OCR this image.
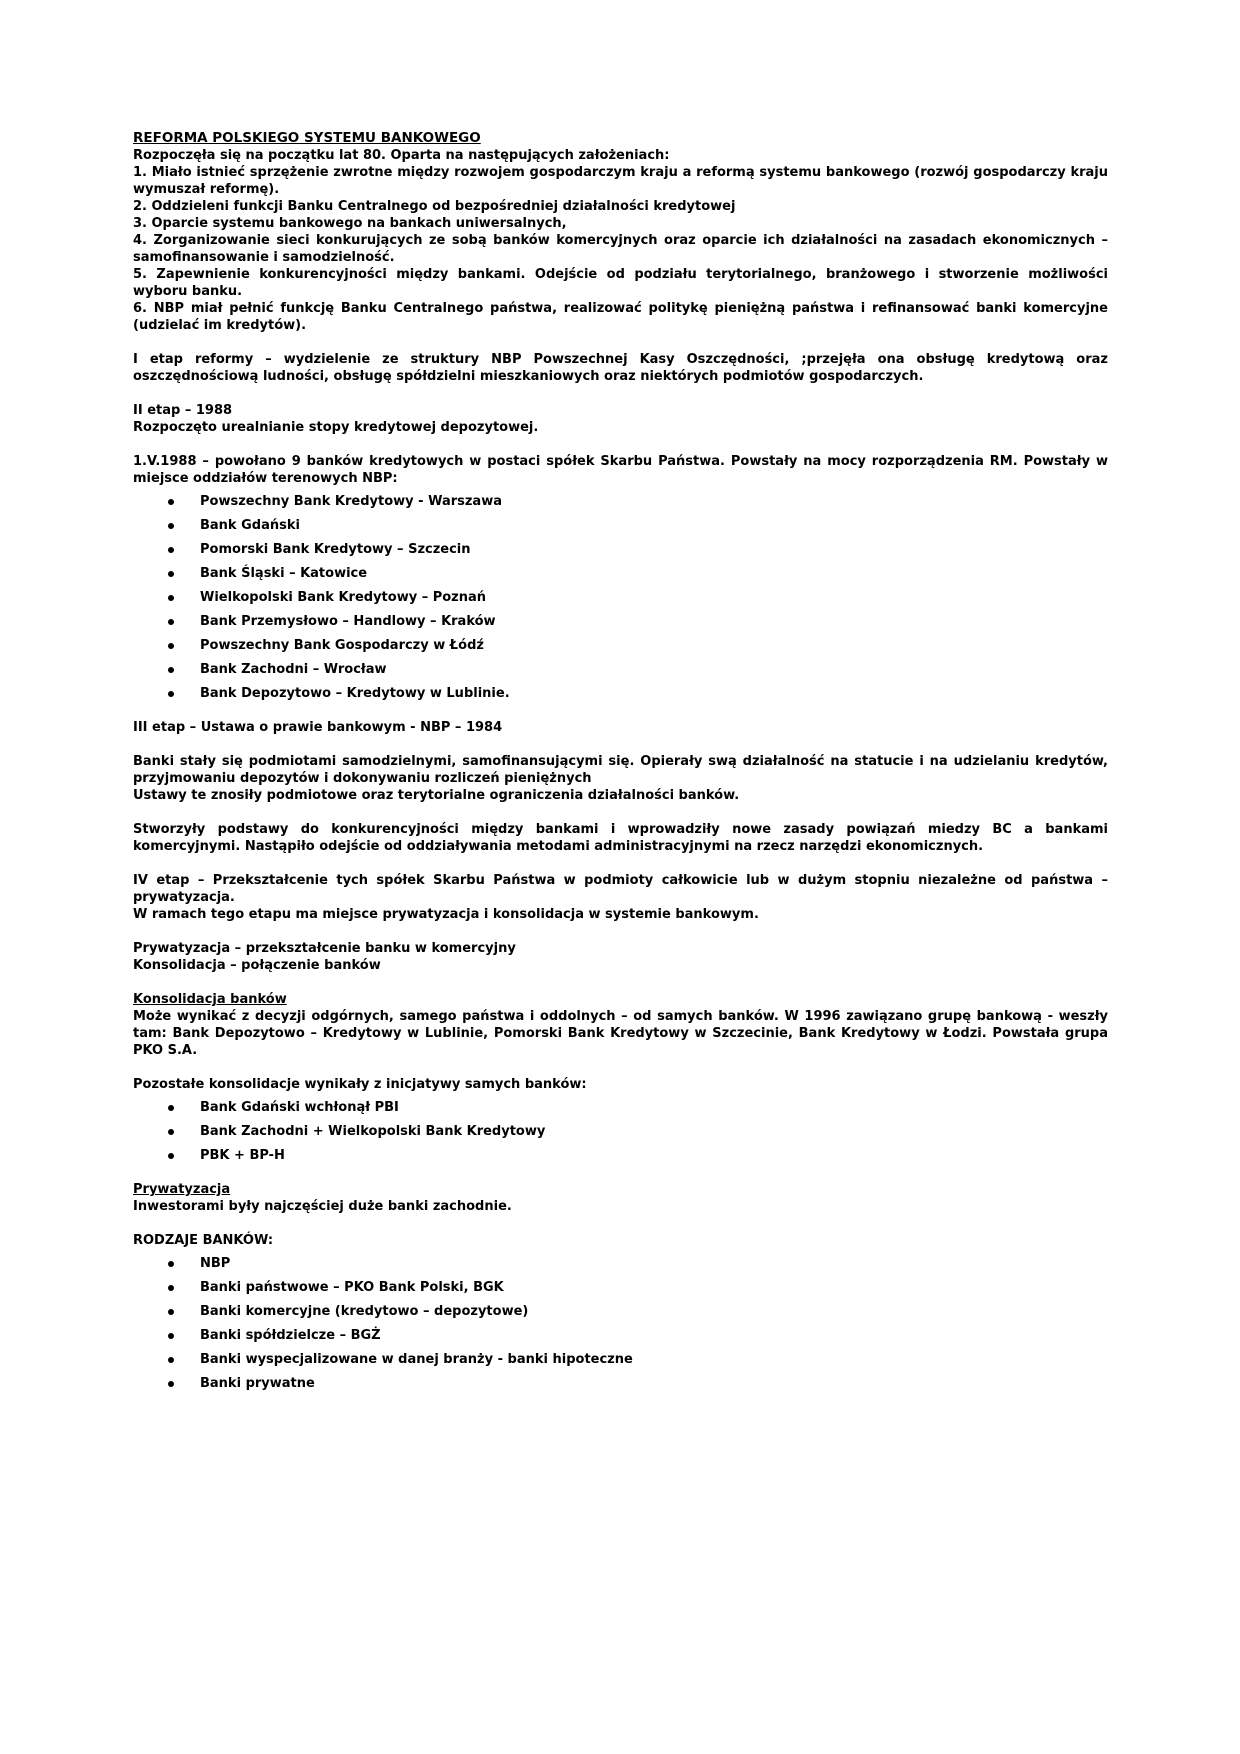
REFORMA POLSKIEGO SYSTEMU BANKOWEGO

Rozpoczęła się na początku lat 80. Oparta na następujących założeniach:

1. Miało istnieć sprzężenie zwrotne między rozwojem gospodarczym kraju a reformą systemu bankowego (rozwój gospodarczy kraju wymuszał reformę).

2. Oddzieleni funkcji Banku Centralnego od bezpośredniej działalności kredytowej

3. Oparcie systemu bankowego na bankach uniwersalnych,

4. Zorganizowanie sieci konkurujących ze sobą banków komercyjnych oraz oparcie ich działalności na zasadach ekonomicznych – samofinansowanie i samodzielność.

5. Zapewnienie konkurencyjności między bankami. Odejście od podziału terytorialnego, branżowego i stworzenie możliwości wyboru banku.

6. NBP miał pełnić funkcję Banku Centralnego państwa, realizować politykę pieniężną państwa i refinansować banki komercyjne (udzielać im kredytów).

I etap reformy – wydzielenie ze struktury NBP Powszechnej Kasy Oszczędności, ;przejęła ona obsługę kredytową oraz oszczędnościową ludności, obsługę spółdzielni mieszkaniowych oraz niektórych podmiotów gospodarczych.

II etap – 1988

Rozpoczęto urealnianie stopy kredytowej depozytowej.

1.V.1988 – powołano 9 banków kredytowych w postaci spółek Skarbu Państwa. Powstały na mocy rozporządzenia RM. Powstały w miejsce oddziałów terenowych NBP:

Powszechny Bank Kredytowy - Warszawa
Bank Gdański
Pomorski Bank Kredytowy – Szczecin
Bank Śląski – Katowice
Wielkopolski Bank Kredytowy – Poznań
Bank Przemysłowo – Handlowy – Kraków
Powszechny Bank Gospodarczy w Łódź
Bank Zachodni – Wrocław
Bank Depozytowo – Kredytowy w Lublinie.

III etap – Ustawa o prawie bankowym - NBP – 1984

Banki stały się podmiotami samodzielnymi, samofinansującymi się. Opierały swą działalność na statucie i na udzielaniu kredytów, przyjmowaniu depozytów i dokonywaniu rozliczeń pieniężnych

Ustawy te znosiły podmiotowe oraz terytorialne ograniczenia działalności banków.

Stworzyły podstawy do konkurencyjności między bankami i wprowadziły nowe zasady powiązań miedzy BC a bankami komercyjnymi. Nastąpiło odejście od oddziaływania metodami administracyjnymi na rzecz narzędzi ekonomicznych.

IV etap – Przekształcenie tych spółek Skarbu Państwa w podmioty całkowicie lub w dużym stopniu niezależne od państwa – prywatyzacja.

W ramach tego etapu ma miejsce prywatyzacja i konsolidacja w systemie bankowym.

Prywatyzacja – przekształcenie banku w komercyjny

Konsolidacja – połączenie banków

Konsolidacja banków

Może wynikać z decyzji odgórnych, samego państwa i oddolnych – od samych banków. W 1996 zawiązano grupę bankową - weszły tam: Bank Depozytowo – Kredytowy w Lublinie, Pomorski Bank Kredytowy w Szczecinie, Bank Kredytowy w Łodzi. Powstała grupa PKO S.A.

Pozostałe konsolidacje wynikały z inicjatywy samych banków:

Bank Gdański wchłonął PBI
Bank Zachodni + Wielkopolski Bank Kredytowy
PBK + BP-H
Prywatyzacja

Inwestorami były najczęściej duże banki zachodnie.

RODZAJE BANKÓW:

NBP
Banki państwowe – PKO Bank Polski, BGK
Banki komercyjne (kredytowo – depozytowe)
Banki spółdzielcze – BGŻ
Banki wyspecjalizowane w danej branży - banki hipoteczne
Banki prywatne
